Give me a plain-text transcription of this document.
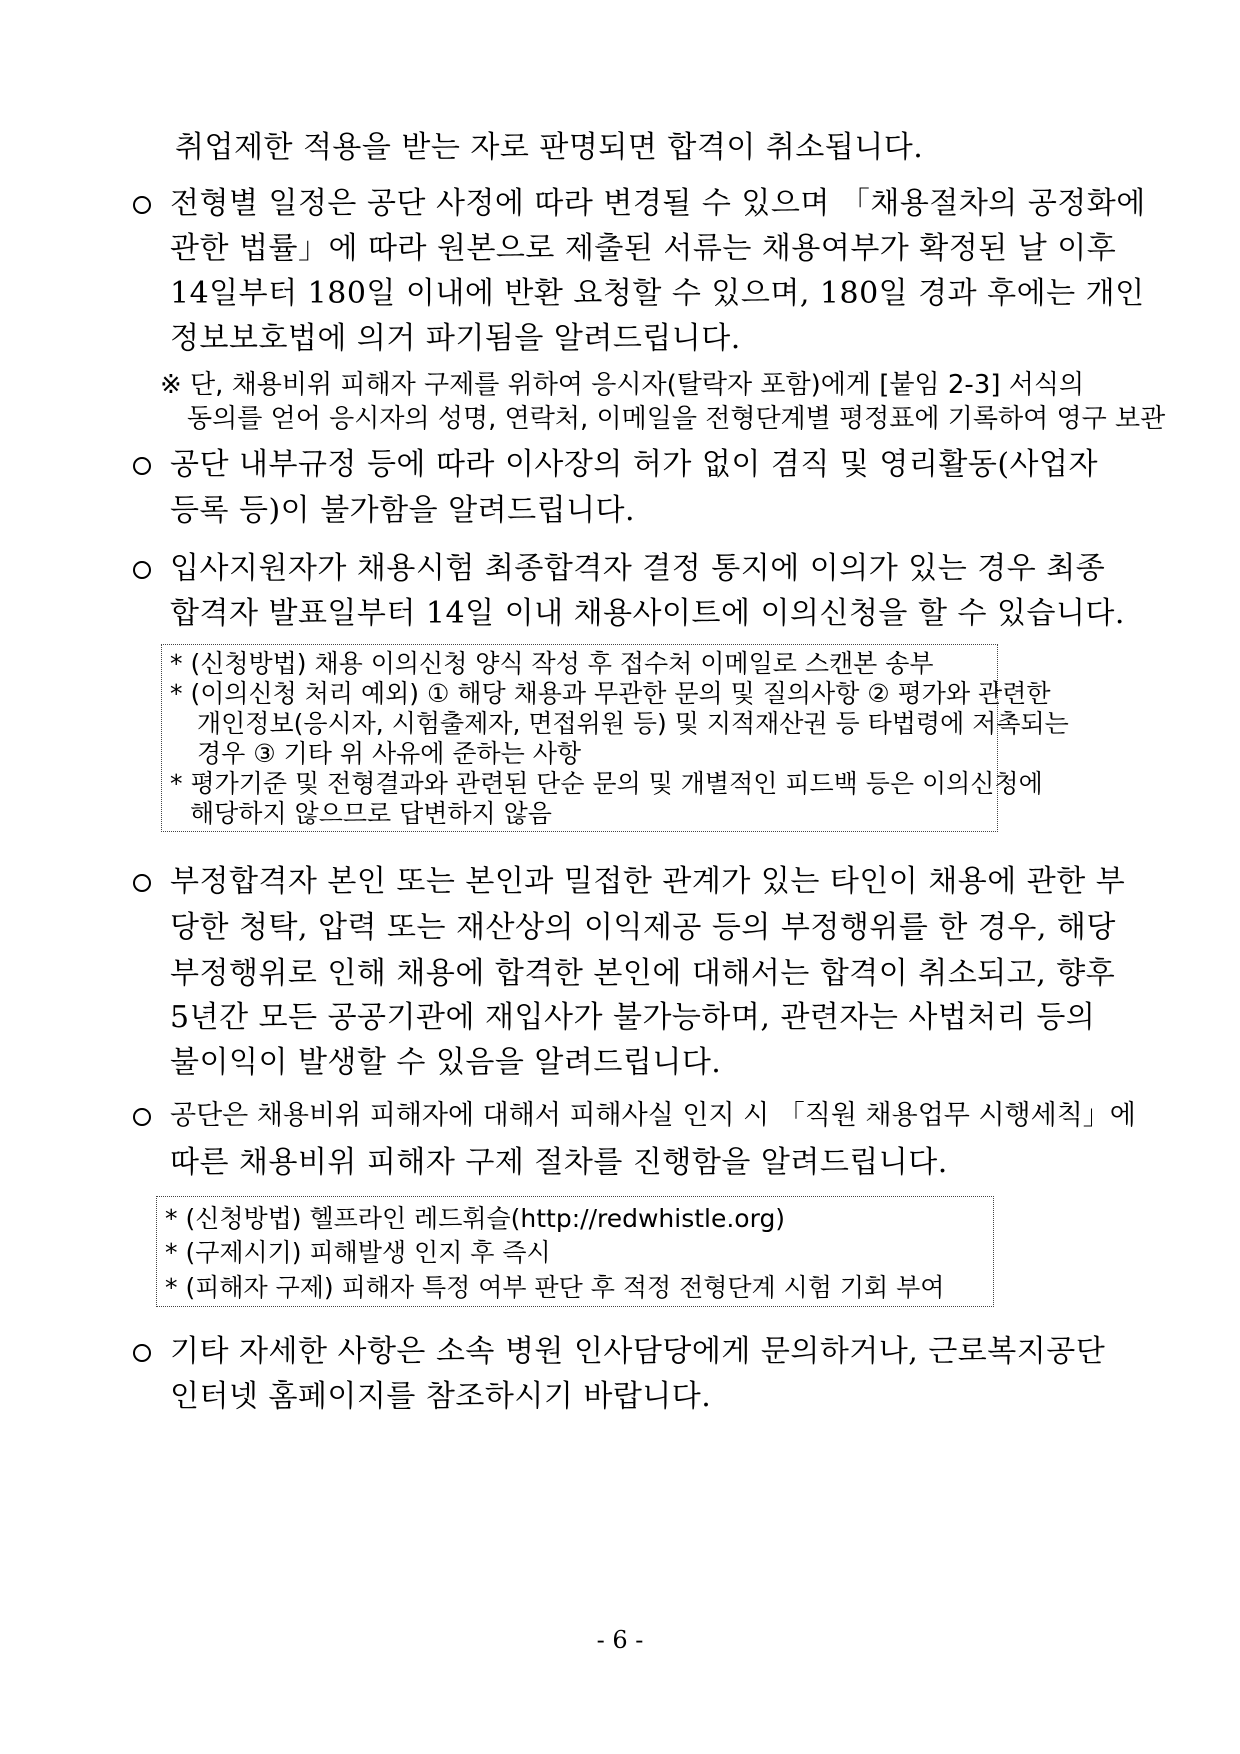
취업제한 적용을 받는 자로 판명되면 합격이 취소됩니다.
전형별 일정은 공단 사정에 따라 변경될 수 있으며 「채용절차의 공정화에
관한 법률」에 따라 원본으로 제출된 서류는 채용여부가 확정된 날 이후
14일부터 180일 이내에 반환 요청할 수 있으며, 180일 경과 후에는 개인
정보보호법에 의거 파기됨을 알려드립니다.
※ 단, 채용비위 피해자 구제를 위하여 응시자(탈락자 포함)에게 [붙임 2-3] 서식의
동의를 얻어 응시자의 성명, 연락처, 이메일을 전형단계별 평정표에 기록하여 영구 보관
공단 내부규정 등에 따라 이사장의 허가 없이 겸직 및 영리활동(사업자
등록 등)이 불가함을 알려드립니다.
입사지원자가 채용시험 최종합격자 결정 통지에 이의가 있는 경우 최종
합격자 발표일부터 14일 이내 채용사이트에 이의신청을 할 수 있습니다.
* (신청방법) 채용 이의신청 양식 작성 후 접수처 이메일로 스캔본 송부
* (이의신청 처리 예외) ① 해당 채용과 무관한 문의 및 질의사항 ② 평가와 관련한
개인정보(응시자, 시험출제자, 면접위원 등) 및 지적재산권 등 타법령에 저촉되는
경우 ③ 기타 위 사유에 준하는 사항
* 평가기준 및 전형결과와 관련된 단순 문의 및 개별적인 피드백 등은 이의신청에
해당하지 않으므로 답변하지 않음
부정합격자 본인 또는 본인과 밀접한 관계가 있는 타인이 채용에 관한 부
당한 청탁, 압력 또는 재산상의 이익제공 등의 부정행위를 한 경우, 해당
부정행위로 인해 채용에 합격한 본인에 대해서는 합격이 취소되고, 향후
5년간 모든 공공기관에 재입사가 불가능하며, 관련자는 사법처리 등의
불이익이 발생할 수 있음을 알려드립니다.
공단은 채용비위 피해자에 대해서 피해사실 인지 시 「직원 채용업무 시행세칙」에
따른 채용비위 피해자 구제 절차를 진행함을 알려드립니다.
* (신청방법) 헬프라인 레드휘슬(http://redwhistle.org)
* (구제시기) 피해발생 인지 후 즉시
* (피해자 구제) 피해자 특정 여부 판단 후 적정 전형단계 시험 기회 부여
기타 자세한 사항은 소속 병원 인사담당에게 문의하거나, 근로복지공단
인터넷 홈페이지를 참조하시기 바랍니다.
- 6 -
